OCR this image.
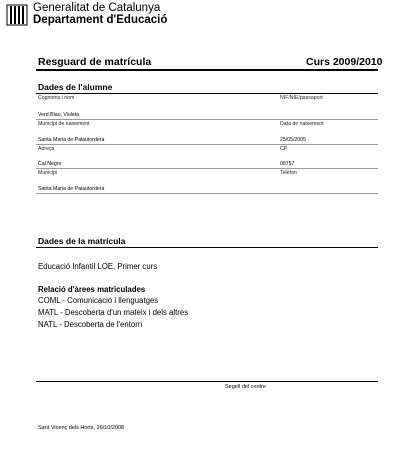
Generalitat de Catalunya
Departament d'Educació
Resguard de matrícula	Curs 2009/2010
Dades de l'alumne
Cognoms i nom	NIF/NIE/passaport
Verd Blau, Violeta
Municipi de naixement	Data de naixement
Santa Maria de Palautordera	25/05/2005
Adreça	CP
Cal Negre	08757
Municipi	Telèfon
Santa Maria de Palautordera
Dades de la matrícula
Educació Infantil LOE, Primer curs
Relació d'àrees matriculades
COML - Comunicació i llenguatges
MATL - Descoberta d'un mateix i dels altres
NATL - Descoberta de l'entorn
Segell del centre
Sant Vicenç dels Horts, 26/10/2008
